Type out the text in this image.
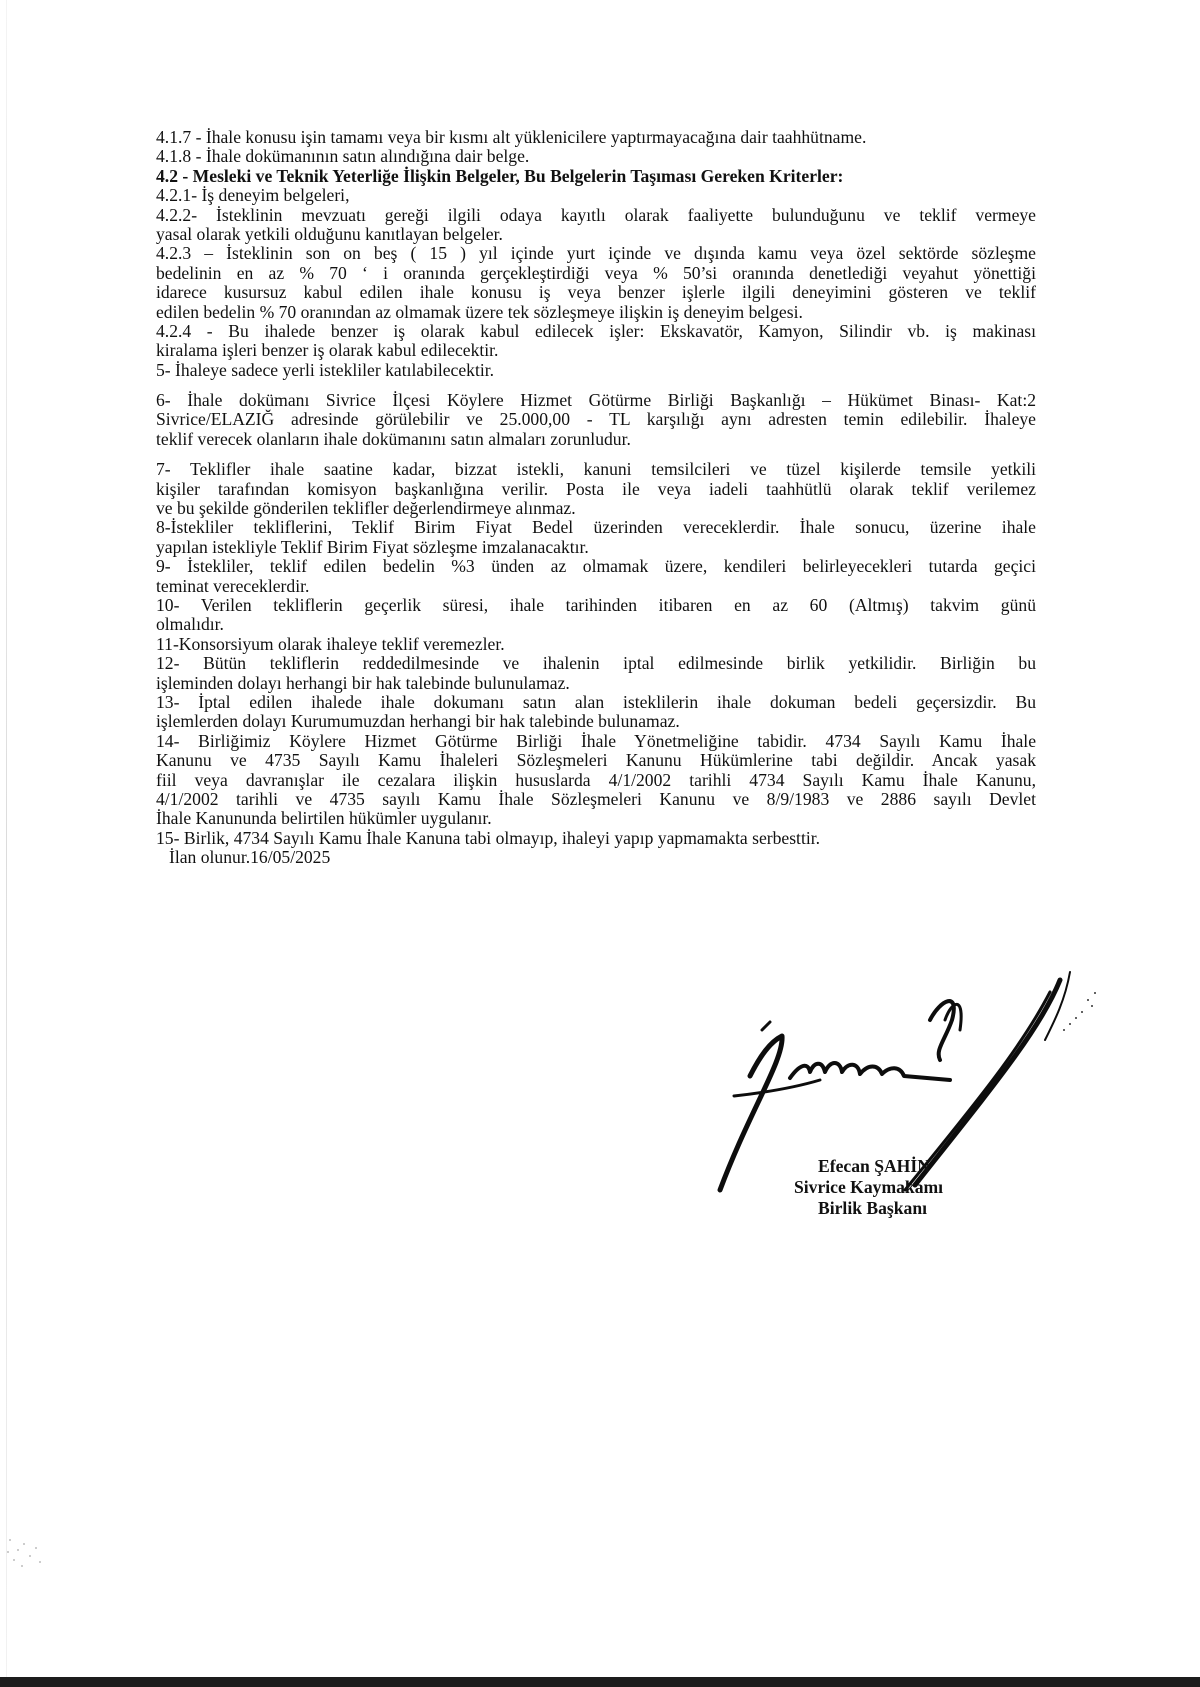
4.1.7 - İhale konusu işin tamamı veya bir kısmı alt yüklenicilere yaptırmayacağına dair taahhütname.
4.1.8 - İhale dokümanının satın alındığına dair belge.
4.2 - Mesleki ve Teknik Yeterliğe İlişkin Belgeler, Bu Belgelerin Taşıması Gereken Kriterler:
4.2.1- İş deneyim belgeleri,
4.2.2- İsteklinin mevzuatı gereği ilgili odaya kayıtlı olarak faaliyette bulunduğunu ve teklif vermeye
yasal olarak yetkili olduğunu kanıtlayan belgeler.
4.2.3 – İsteklinin son on beş ( 15 ) yıl içinde yurt içinde ve dışında kamu veya özel sektörde sözleşme
bedelinin en az % 70 ‘ i oranında gerçekleştirdiği veya % 50’si oranında denetlediği veyahut yönettiği
idarece kusursuz kabul edilen ihale konusu iş veya benzer işlerle ilgili deneyimini gösteren ve teklif
edilen bedelin % 70 oranından az olmamak üzere tek sözleşmeye ilişkin iş deneyim belgesi.
4.2.4 - Bu ihalede benzer iş olarak kabul edilecek işler: Ekskavatör, Kamyon, Silindir vb. iş makinası
kiralama işleri benzer iş olarak kabul edilecektir.
5- İhaleye sadece yerli istekliler katılabilecektir.
6- İhale dokümanı Sivrice İlçesi Köylere Hizmet Götürme Birliği Başkanlığı – Hükümet Binası- Kat:2
Sivrice/ELAZIĞ adresinde görülebilir ve 25.000,00 - TL karşılığı aynı adresten temin edilebilir. İhaleye
teklif verecek olanların ihale dokümanını satın almaları zorunludur.
7- Teklifler ihale saatine kadar, bizzat istekli, kanuni temsilcileri ve tüzel kişilerde temsile yetkili
kişiler tarafından komisyon başkanlığına verilir. Posta ile veya iadeli taahhütlü olarak teklif verilemez
ve bu şekilde gönderilen teklifler değerlendirmeye alınmaz.
8-İstekliler tekliflerini, Teklif Birim Fiyat Bedel üzerinden vereceklerdir. İhale sonucu, üzerine ihale
yapılan istekliyle Teklif Birim Fiyat sözleşme imzalanacaktır.
9- İstekliler, teklif edilen bedelin %3 ünden az olmamak üzere, kendileri belirleyecekleri tutarda geçici
teminat vereceklerdir.
10- Verilen tekliflerin geçerlik süresi, ihale tarihinden itibaren en az 60 (Altmış) takvim günü
olmalıdır.
11-Konsorsiyum olarak ihaleye teklif veremezler.
12- Bütün tekliflerin reddedilmesinde ve ihalenin iptal edilmesinde birlik yetkilidir. Birliğin bu
işleminden dolayı herhangi bir hak talebinde bulunulamaz.
13- İptal edilen ihalede ihale dokumanı satın alan isteklilerin ihale dokuman bedeli geçersizdir. Bu
işlemlerden dolayı Kurumumuzdan herhangi bir hak talebinde bulunamaz.
14- Birliğimiz Köylere Hizmet Götürme Birliği İhale Yönetmeliğine tabidir. 4734 Sayılı Kamu İhale
Kanunu ve 4735 Sayılı Kamu İhaleleri Sözleşmeleri Kanunu Hükümlerine tabi değildir. Ancak yasak
fiil veya davranışlar ile cezalara ilişkin hususlarda 4/1/2002 tarihli 4734 Sayılı Kamu İhale Kanunu,
4/1/2002 tarihli ve 4735 sayılı Kamu İhale Sözleşmeleri Kanunu ve 8/9/1983 ve 2886 sayılı Devlet
İhale Kanununda belirtilen hükümler uygulanır.
15- Birlik, 4734 Sayılı Kamu İhale Kanuna tabi olmayıp, ihaleyi yapıp yapmamakta serbesttir.
İlan olunur.16/05/2025
Efecan ŞAHİN
Sivrice Kaymakamı
Birlik Başkanı
